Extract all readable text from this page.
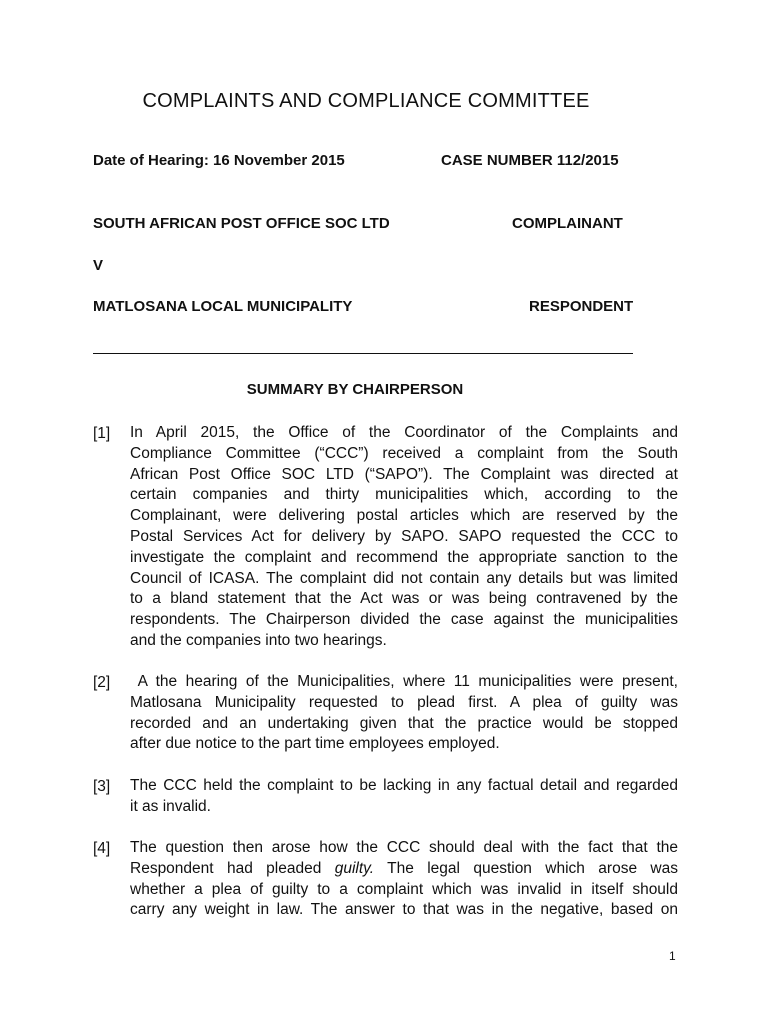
COMPLAINTS AND COMPLIANCE COMMITTEE
Date of Hearing: 16 November 2015	CASE NUMBER 112/2015
SOUTH AFRICAN POST OFFICE SOC LTD	COMPLAINANT
V
MATLOSANA LOCAL MUNICIPALITY	RESPONDENT
SUMMARY BY CHAIRPERSON
[1] In April 2015, the Office of the Coordinator of the Complaints and
Compliance Committee (“CCC”) received a complaint from the South
African Post Office SOC LTD (“SAPO”). The Complaint was directed at
certain companies and thirty municipalities which, according to the
Complainant, were delivering postal articles which are reserved by the
Postal Services Act for delivery by SAPO. SAPO requested the CCC to
investigate the complaint and recommend the appropriate sanction to the
Council of ICASA. The complaint did not contain any details but was limited
to a bland statement that the Act was or was being contravened by the
respondents. The Chairperson divided the case against the municipalities
and the companies into two hearings.
[2] A the hearing of the Municipalities, where 11 municipalities were present,
Matlosana Municipality requested to plead first. A plea of guilty was
recorded and an undertaking given that the practice would be stopped
after due notice to the part time employees employed.
[3] The CCC held the complaint to be lacking in any factual detail and regarded
it as invalid.
[4] The question then arose how the CCC should deal with the fact that the
Respondent had pleaded guilty. The legal question which arose was
whether a plea of guilty to a complaint which was invalid in itself should
carry any weight in law. The answer to that was in the negative, based on
1
